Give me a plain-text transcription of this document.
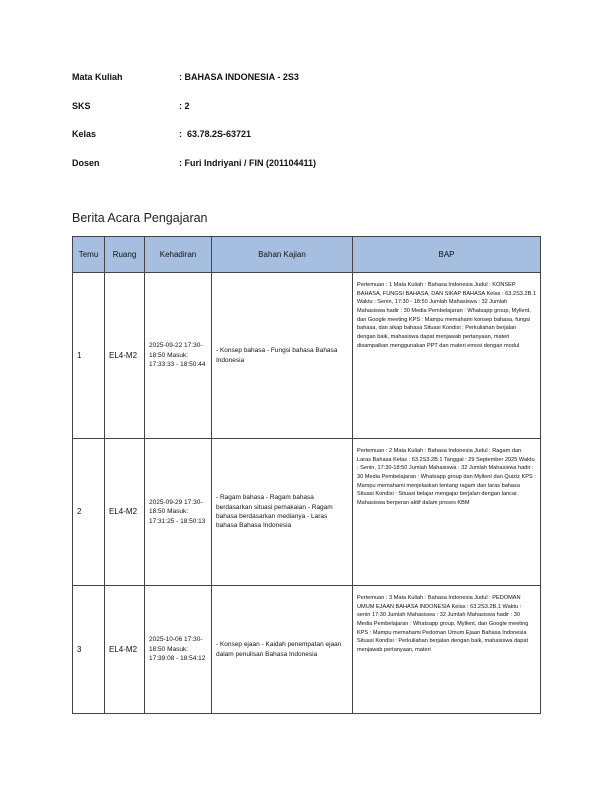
Mata Kuliah	: BAHASA INDONESIA - 2S3
SKS	: 2
Kelas	:  63.78.2S-63721
Dosen	: Furi Indriyani / FIN (201104411)
Berita Acara Pengajaran
Temu	Ruang	Kehadiran	Bahan Kajian	BAP
1	EL4-M2	2025-09-22 17:30-18:50 Masuk: 17:33:33 - 18:50:44	- Konsep bahasa - Fungsi bahasa Bahasa Indonesia	Pertemuan : 1 Mata Kuliah : Bahasa Indonesia Judul : KONSEP BAHASA, FUNGSI BAHASA, DAN SIKAP BAHASA Kelas : 63.2S3.2B.1 Waktu : Senin, 17:30 - 18:50 Jumlah Mahasiswa : 32 Jumlah Mahasiswa hadir : 30 Media Pembelajaran : Whatsapp group, Myllent, dan Google meeting KPS : Mampu memahami konsep bahasa, fungsi bahasa, dan sikap bahasa Situasi Kondisi : Perkuliahan berjalan dengan baik, mahasiswa dapat menjawab pertanyaan, materi disampaikan menggunakan PPT dan materi emosi dengan modul
2	EL4-M2	2025-09-29 17:30-18:50 Masuk: 17:31:25 - 18:50:13	- Ragam bahasa - Ragam bahasa berdasarkan situasi pemakaian - Ragam bahasa berdasarkan medianya - Laras bahasa Bahasa Indonesia	Pertemuan : 2 Mata Kuliah : Bahasa Indonesia Judul : Ragam dan Laras Bahasa Kelas : 63.2S3.2B.1 Tanggal : 29 September 2025 Waktu : Senin, 17:30-18:50 Jumlah Mahasiswa : 32 Jumlah Mahasiswa hadir : 30 Media Pembelajaran : Whatsapp group dan Myllent dan Quiziz KPS : Mampu memahami menjelaskan tentang ragam dan laras bahasa Situasi Kondisi : Situasi belajar mengajar berjalan dengan lancar. Mahasiswa berperan aktif dalam proses KBM
3	EL4-M2	2025-10-06 17:30-18:50 Masuk: 17:39:08 - 18:54:12	- Konsep ejaan - Kaidah penempatan ejaan dalam penulisan Bahasa Indonesia	Pertemuan : 3 Mata Kuliah : Bahasa Indonesia Judul : PEDOMAN UMUM EJAAN BAHASA INDONESIA Kelas : 63.2S3.2B.1 Waktu : senin 17:30 Jumlah Mahasiswa : 32 Jumlah Mahasiswa hadir : 30 Media Pembelajaran : Whatsapp group, Myllent, dan Google meeting KPS : Mampu memahami Pedoman Umum Ejaan Bahasa Indonesia Situasi Kondisi : Perkuliahan berjalan dengan baik, mahasiswa dapat menjawab pertanyaan, materi
